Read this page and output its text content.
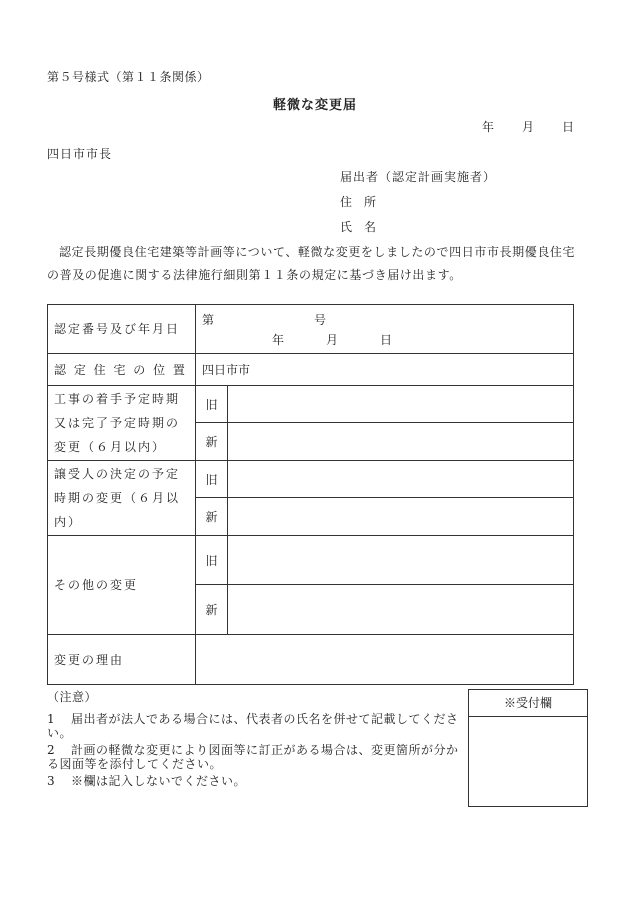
第５号様式（第１１条関係）
軽微な変更届
年 月 日
四日市市長
届出者（認定計画実施者）
住　所
氏　名
認定長期優良住宅建築等計画等について、軽微な変更をしましたので四日市市長期優良住宅の普及の促進に関する法律施行細則第１１条の規定に基づき届け出ます。
認定番号及び年月日	第 号
年 月 日	

認 定 住 宅 の 位 置	四日市市	
工事の着手予定時期又は完了予定時期の変更（６月以内）	旧	
	新	
譲受人の決定の予定時期の変更（６月以内）	旧	
	新	
その他の変更	旧	
	新	
変更の理由		
（注意）
1 届出者が法人である場合には、代表者の氏名を併せて記載してください。
2 計画の軽微な変更により図面等に訂正がある場合は、変更箇所が分かる図面等を添付してください。
3 ※欄は記入しないでください。
※受付欄
